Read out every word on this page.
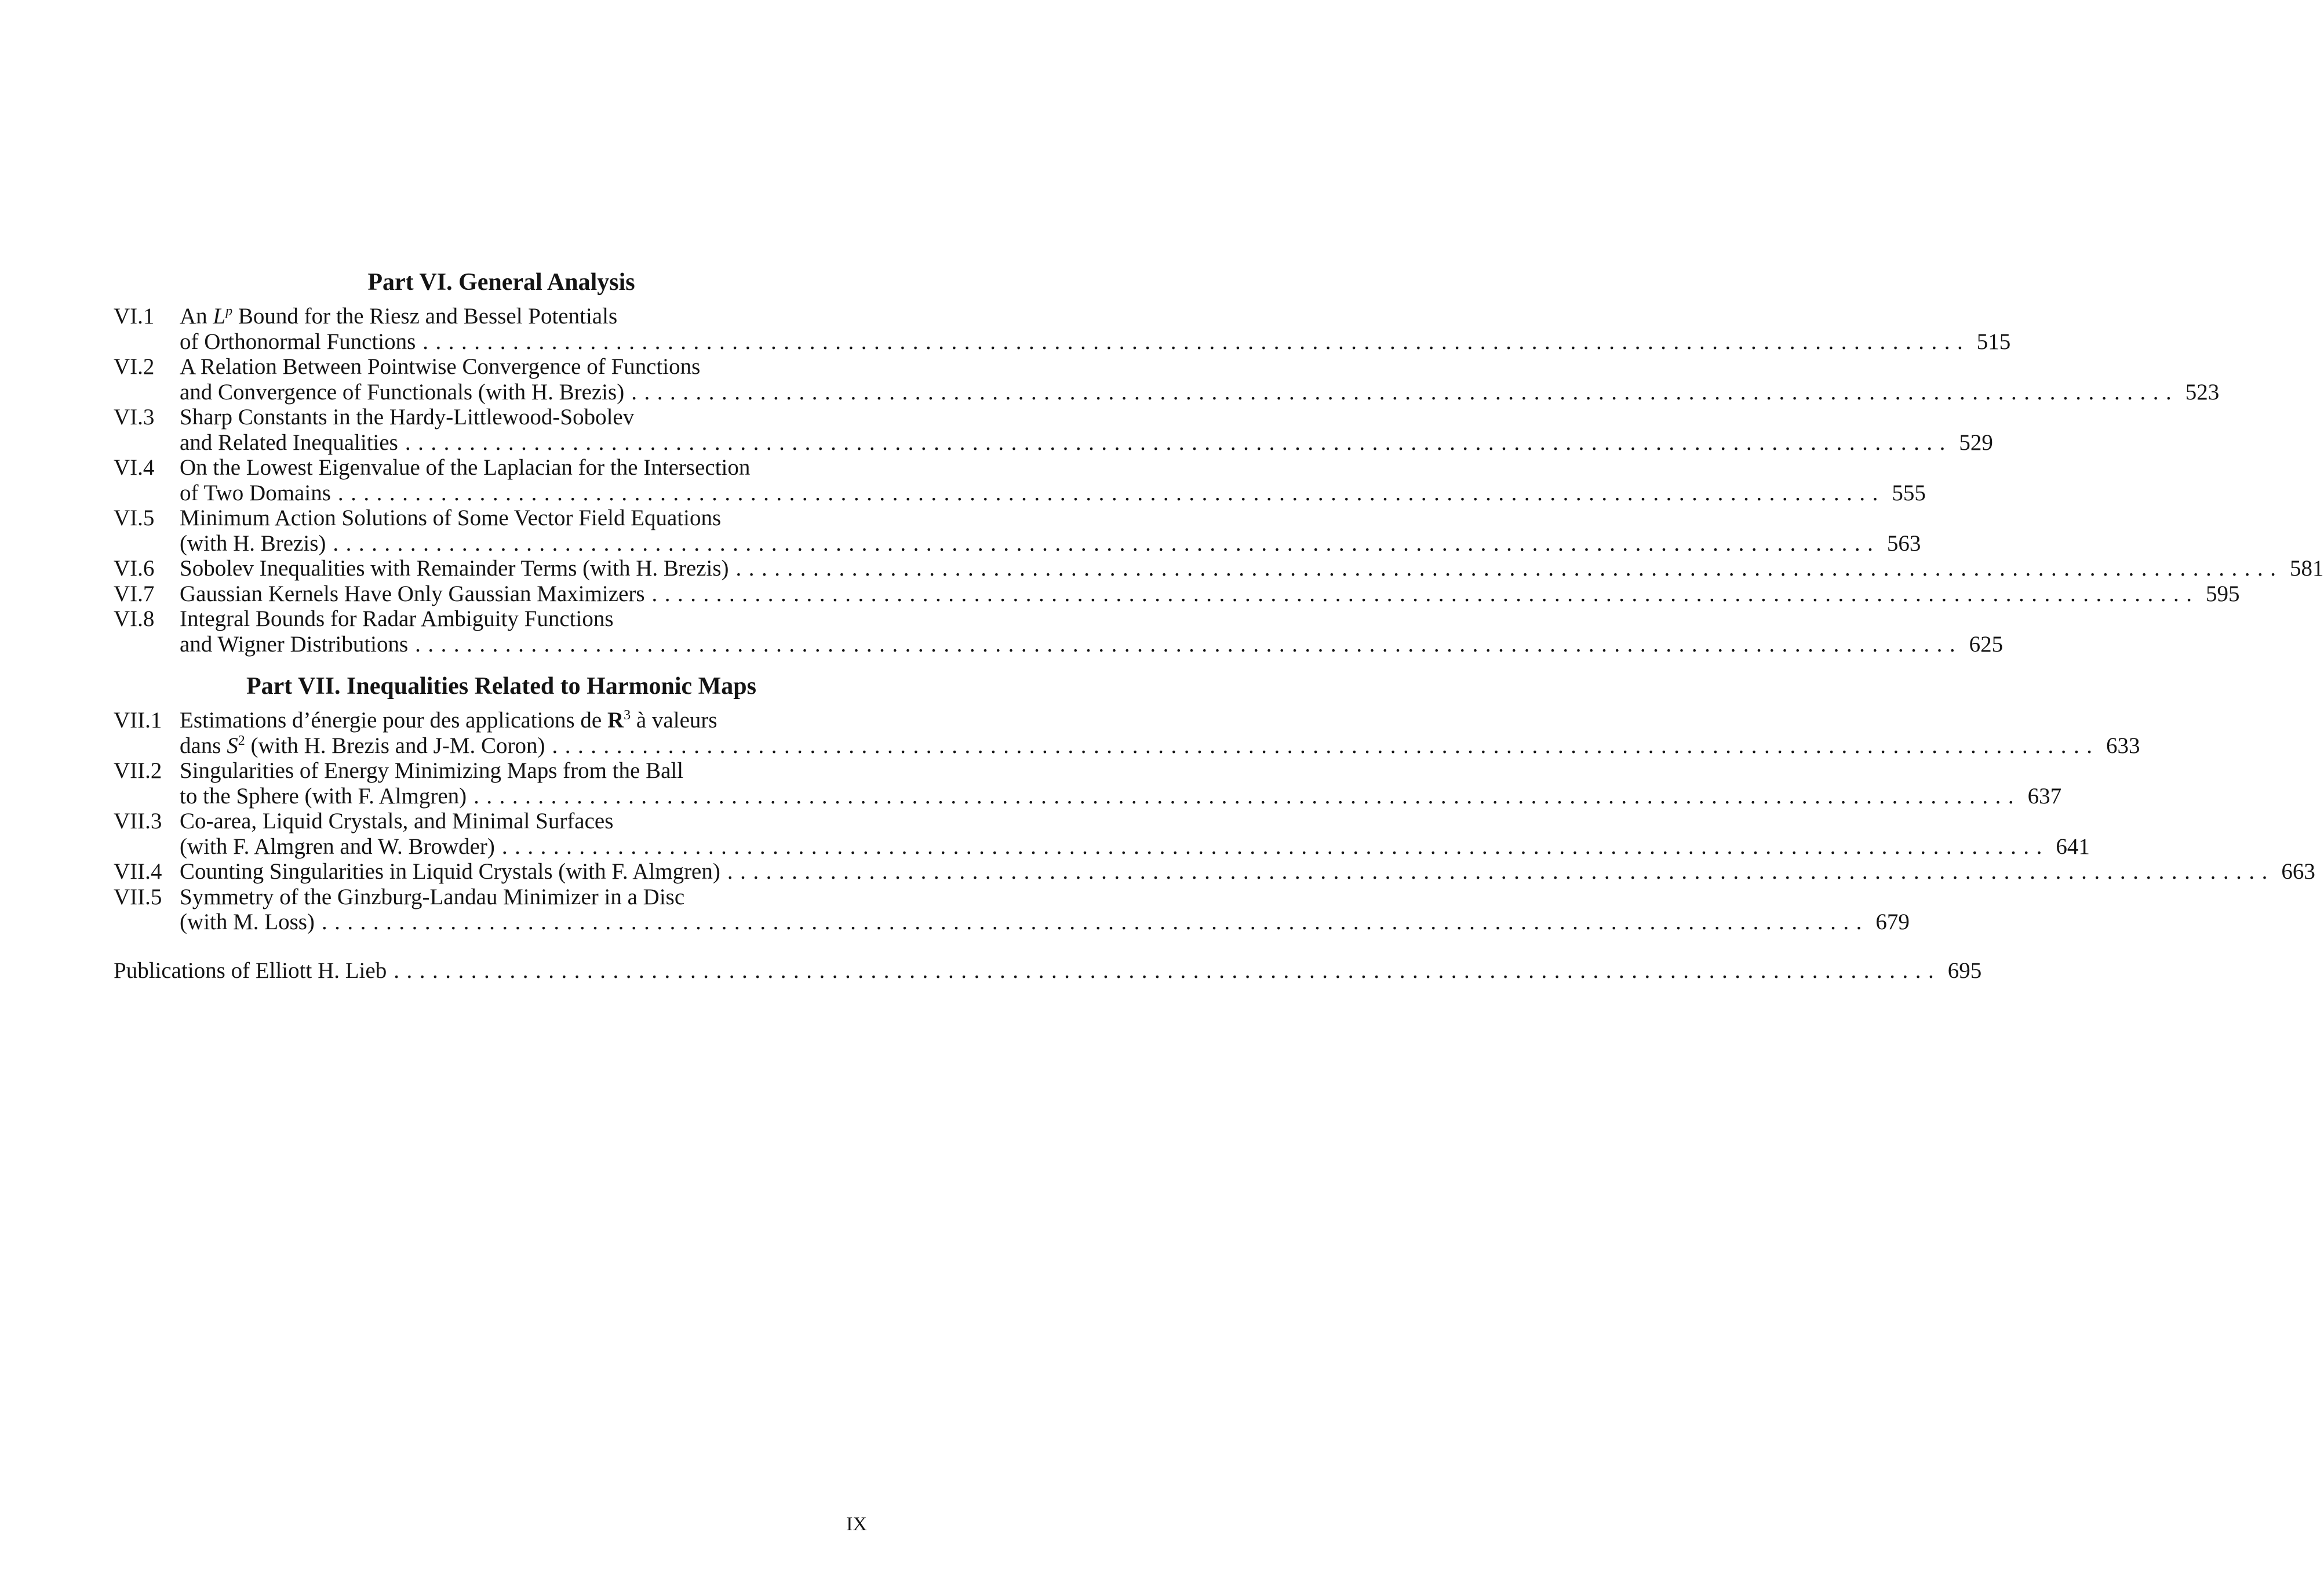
Part VI. General Analysis
VI.1	An $L^p$ Bound for the Riesz and Bessel Potentials
of Orthonormal Functions ........................................................................................................................ 515
VI.2	A Relation Between Pointwise Convergence of Functions
and Convergence of Functionals (with H. Brezis) ........................................................................................................................ 523
VI.3	Sharp Constants in the Hardy-Littlewood-Sobolev
and Related Inequalities ........................................................................................................................ 529
VI.4	On the Lowest Eigenvalue of the Laplacian for the Intersection
of Two Domains ........................................................................................................................ 555
VI.5	Minimum Action Solutions of Some Vector Field Equations
(with H. Brezis) ........................................................................................................................ 563
VI.6	Sobolev Inequalities with Remainder Terms (with H. Brezis) ........................................................................................................................ 581
VI.7	Gaussian Kernels Have Only Gaussian Maximizers ........................................................................................................................ 595
VI.8	Integral Bounds for Radar Ambiguity Functions
and Wigner Distributions ........................................................................................................................ 625
Part VII. Inequalities Related to Harmonic Maps
VII.1 Estimations d’énergie pour des applications de $R^3$ à valeurs
dans $S^2$ (with H. Brezis and J-M. Coron) ........................................................................................................................ 633
VII.2 Singularities of Energy Minimizing Maps from the Ball
to the Sphere (with F. Almgren) ........................................................................................................................ 637
VII.3 Co-area, Liquid Crystals, and Minimal Surfaces
(with F. Almgren and W. Browder) ........................................................................................................................ 641
VII.4 Counting Singularities in Liquid Crystals (with F. Almgren) ........................................................................................................................ 663
VII.5 Symmetry of the Ginzburg-Landau Minimizer in a Disc
(with M. Loss) ........................................................................................................................ 679
Publications of Elliott H. Lieb ........................................................................................................................ 695
IX
